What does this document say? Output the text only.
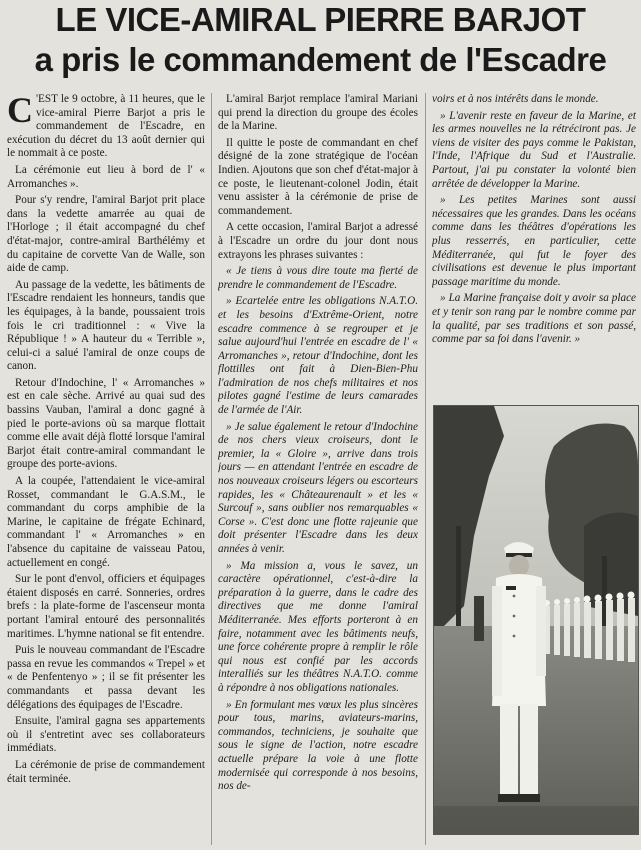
LE VICE-AMIRAL PIERRE BARJOT
a pris le commandement de l'Escadre

C 'EST le 9 octobre, à 11 heures, que le vice-amiral Pierre Barjot a pris le commandement de l'Escadre, en exécution du décret du 13 août dernier qui le nommait à ce poste.

La cérémonie eut lieu à bord de l' « Arromanches ».

Pour s'y rendre, l'amiral Barjot prit place dans la vedette amarrée au quai de l'Horloge ; il était accompagné du chef d'état-major, contre-amiral Barthélémy et du capitaine de corvette Van de Walle, son aide de camp.

Au passage de la vedette, les bâtiments de l'Escadre rendaient les honneurs, tandis que les équipages, à la bande, poussaient trois fois le cri traditionnel : « Vive la République ! » A hauteur du « Terrible », celui-ci a salué l'amiral de onze coups de canon.

Retour d'Indochine, l' « Arromanches » est en cale sèche. Arrivé au quai sud des bassins Vauban, l'amiral a donc gagné à pied le porte-avions où sa marque flottait comme elle avait déjà flotté lorsque l'amiral Barjot était contre-amiral commandant le groupe des porte-avions.

A la coupée, l'attendaient le vice-amiral Rosset, commandant le G.A.S.M., le commandant du corps amphibie de la Marine, le capitaine de frégate Echinard, commandant l' « Arromanches » en l'absence du capitaine de vaisseau Patou, actuellement en congé.

Sur le pont d'envol, officiers et équipages étaient disposés en carré. Sonneries, ordres brefs : la plate-forme de l'ascenseur monta portant l'amiral entouré des personnalités maritimes. L'hymne national se fit entendre.

Puis le nouveau commandant de l'Escadre passa en revue les commandos « Trepel » et « de Penfentenyo » ; il se fit présenter les commandants et passa devant les délégations des équipages de l'Escadre.

Ensuite, l'amiral gagna ses appartements où il s'entretint avec ses collaborateurs immédiats.

La cérémonie de prise de commandement était terminée.

L'amiral Barjot remplace l'amiral Mariani qui prend la direction du groupe des écoles de la Marine.

Il quitte le poste de commandant en chef désigné de la zone stratégique de l'océan Indien. Ajoutons que son chef d'état-major à ce poste, le lieutenant-colonel Jodin, était venu assister à la cérémonie de prise de commandement.

A cette occasion, l'amiral Barjot a adressé à l'Escadre un ordre du jour dont nous extrayons les phrases suivantes :

« Je tiens à vous dire toute ma fierté de prendre le commandement de l'Escadre.

» Ecartelée entre les obligations N.A.T.O. et les besoins d'Extrême-Orient, notre escadre commence à se regrouper et je salue aujourd'hui l'entrée en escadre de l' « Arromanches », retour d'Indochine, dont les flottilles ont fait à Dien-Bien-Phu l'admiration de nos chefs militaires et nos pilotes gagné l'estime de leurs camarades de l'armée de l'Air.

» Je salue également le retour d'Indochine de nos chers vieux croiseurs, dont le premier, la « Gloire », arrive dans trois jours — en attendant l'entrée en escadre de nos nouveaux croiseurs légers ou escorteurs rapides, les « Châteaurenault » et les « Surcouf », sans oublier nos remarquables « Corse ». C'est donc une flotte rajeunie que doit présenter l'Escadre dans les deux années à venir.

» Ma mission a, vous le savez, un caractère opérationnel, c'est-à-dire la préparation à la guerre, dans le cadre des directives que me donne l'amiral Méditerranée. Mes efforts porteront à en faire, notamment avec les bâtiments neufs, une force cohérente propre à remplir le rôle qui nous est confié par les accords interalliés sur les théâtres N.A.T.O. comme à répondre à nos obligations nationales.

» En formulant mes vœux les plus sincères pour tous, marins, aviateurs-marins, commandos, techniciens, je souhaite que sous le signe de l'action, notre escadre actuelle prépare la voie à une flotte modernisée qui corresponde à nos besoins, nos de-

voirs et à nos intérêts dans le monde.

» L'avenir reste en faveur de la Marine, et les armes nouvelles ne la rétréciront pas. Je viens de visiter des pays comme le Pakistan, l'Inde, l'Afrique du Sud et l'Australie. Partout, j'ai pu constater la volonté bien arrêtée de développer la Marine.

» Les petites Marines sont aussi nécessaires que les grandes. Dans les océans comme dans les théâtres d'opérations les plus resserrés, en particulier, cette Méditerranée, qui fut le foyer des civilisations est devenue le plus important passage maritime du monde.

» La Marine française doit y avoir sa place et y tenir son rang par le nombre comme par la qualité, par ses traditions et son passé, comme par sa foi dans l'avenir. »
